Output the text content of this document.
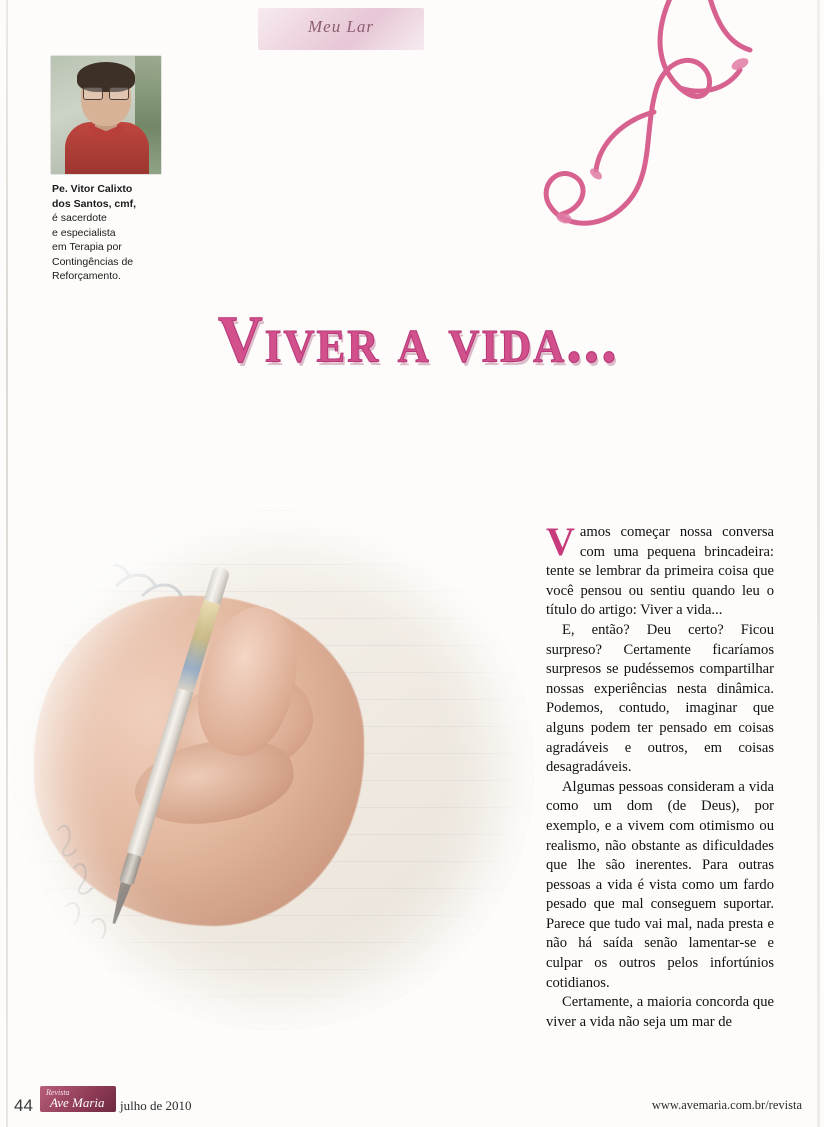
Meu Lar
Pe. Vitor Calixto
dos Santos, cmf,
é sacerdote
e especialista
em Terapia por
Contingências de
Reforçamento.
Viver a vida...

Vamos começar nossa conversa com uma pequena brincadeira: tente se lembrar da primeira coisa que você pensou ou sentiu quando leu o título do artigo: Viver a vida...

E, então? Deu certo? Ficou surpreso? Certamente ficaríamos surpresos se pudéssemos compartilhar nossas experiências nesta dinâmica. Podemos, contudo, imaginar que alguns podem ter pensado em coisas agradáveis e outros, em coisas desagradáveis.

Algumas pessoas consideram a vida como um dom (de Deus), por exemplo, e a vivem com otimismo ou realismo, não obstante as dificuldades que lhe são inerentes. Para outras pessoas a vida é vista como um fardo pesado que mal conseguem suportar. Parece que tudo vai mal, nada presta e não há saída senão lamentar-se e culpar os outros pelos infortúnios cotidianos.

Certamente, a maioria concorda que viver a vida não seja um mar de

44
Revista
Ave Maria julho de 2010	www.avemaria.com.br/revista
